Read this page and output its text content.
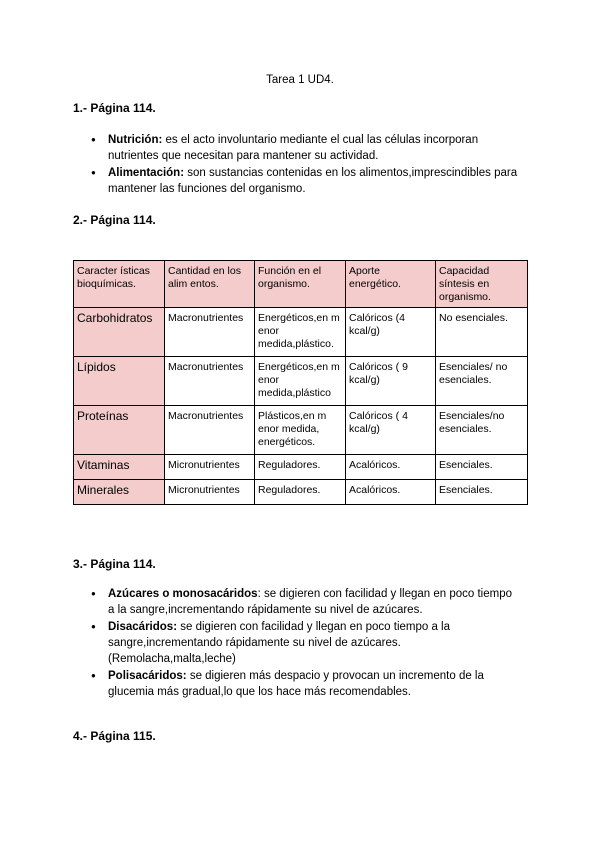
Tarea 1 UD4.
1.- Página 114.
● Nutrición: es el acto involuntario mediante el cual las células incorporan nutrientes que necesitan para mantener su actividad.
● Alimentación: son sustancias contenidas en los alimentos,imprescindibles para mantener las funciones del organismo.
2.- Página 114.
Caracter ísticas bioquímicas.	Cantidad en los alim entos.	Función en el organismo.	Aporte energético.	Capacidad síntesis en organismo.
Carbohidratos	Macronutrientes	Energéticos,en m enor medida,plástico.	Calóricos (4 kcal/g)	No esenciales.
Lípidos	Macronutrientes	Energéticos,en m enor medida,plástico	Calóricos ( 9 kcal/g)	Esenciales/ no esenciales.
Proteínas	Macronutrientes	Plásticos,en m enor medida, energéticos.	Calóricos ( 4 kcal/g)	Esenciales/no esenciales.
Vitaminas	Micronutrientes	Reguladores.	Acalóricos.	Esenciales.
Minerales	Micronutrientes	Reguladores.	Acalóricos.	Esenciales.
3.- Página 114.
● Azúcares o monosacáridos: se digieren con facilidad y llegan en poco tiempo a la sangre,incrementando rápidamente su nivel de azúcares.
● Disacáridos: se digieren con facilidad y llegan en poco tiempo a la sangre,incrementando rápidamente su nivel de azúcares. (Remolacha,malta,leche)
● Polisacáridos: se digieren más despacio y provocan un incremento de la glucemia más gradual,lo que los hace más recomendables.
4.- Página 115.
